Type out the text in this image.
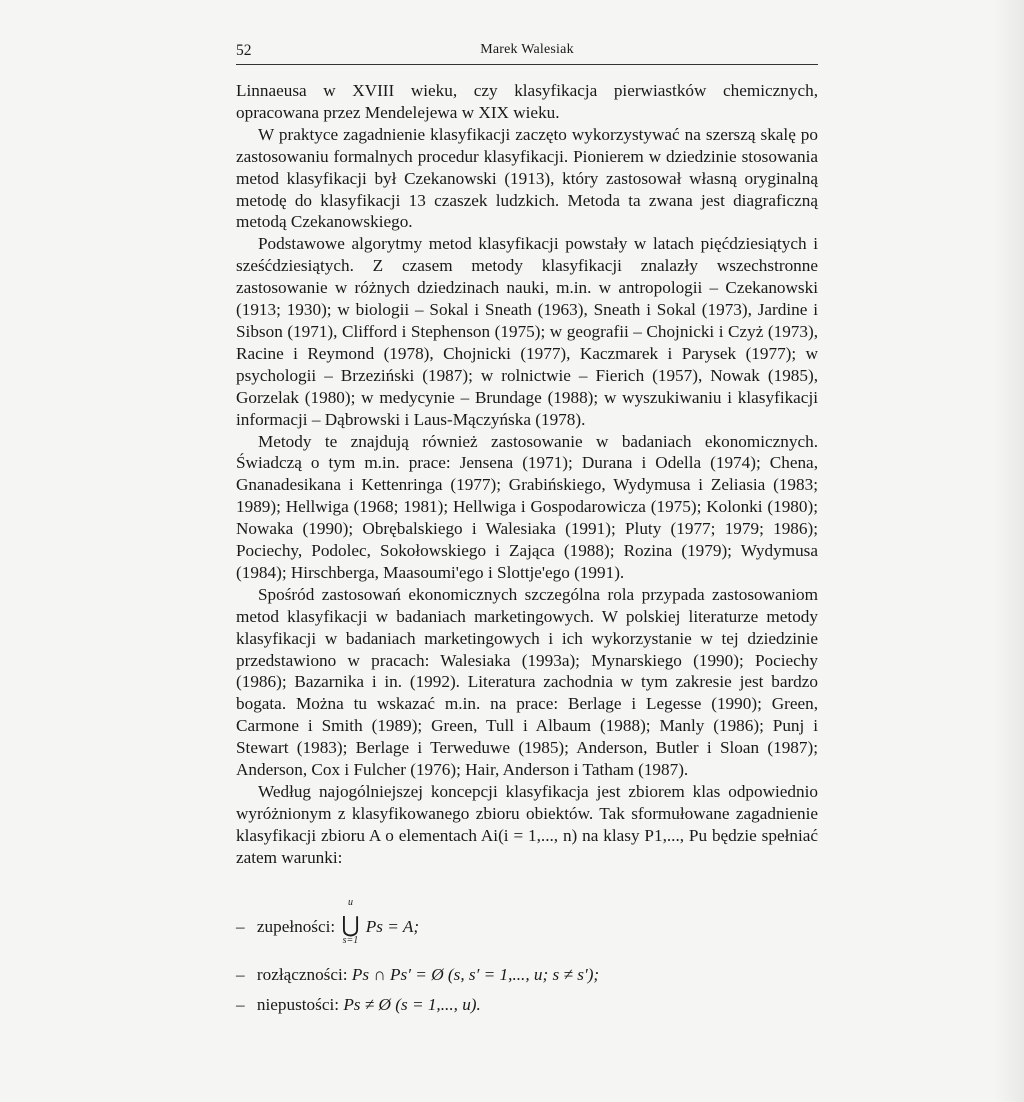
52	Marek Walesiak

Linnaeusa w XVIII wieku, czy klasyfikacja pierwiastków chemicznych, opracowana przez Mendelejewa w XIX wieku.

W praktyce zagadnienie klasyfikacji zaczęto wykorzystywać na szerszą skalę po zastosowaniu formalnych procedur klasyfikacji. Pionierem w dziedzinie stosowania metod klasyfikacji był Czekanowski (1913), który zastosował własną oryginalną metodę do klasyfikacji 13 czaszek ludzkich. Metoda ta zwana jest diagraficzną metodą Czekanowskiego.

Podstawowe algorytmy metod klasyfikacji powstały w latach pięćdziesiątych i sześćdziesiątych. Z czasem metody klasyfikacji znalazły wszechstronne zastosowanie w różnych dziedzinach nauki, m.in. w antropologii – Czekanowski (1913; 1930); w biologii – Sokal i Sneath (1963), Sneath i Sokal (1973), Jardine i Sibson (1971), Clifford i Stephenson (1975); w geografii – Chojnicki i Czyż (1973), Racine i Reymond (1978), Chojnicki (1977), Kaczmarek i Parysek (1977); w psychologii – Brzeziński (1987); w rolnictwie – Fierich (1957), Nowak (1985), Gorzelak (1980); w medycynie – Brundage (1988); w wyszukiwaniu i klasyfikacji informacji – Dąbrowski i Laus-Mączyńska (1978).

Metody te znajdują również zastosowanie w badaniach ekonomicznych. Świadczą o tym m.in. prace: Jensena (1971); Durana i Odella (1974); Chena, Gnanadesikana i Kettenringa (1977); Grabińskiego, Wydymusa i Zeliasia (1983; 1989); Hellwiga (1968; 1981); Hellwiga i Gospodarowicza (1975); Kolonki (1980); Nowaka (1990); Obrębalskiego i Walesiaka (1991); Pluty (1977; 1979; 1986); Pociechy, Podolec, Sokołowskiego i Zająca (1988); Rozina (1979); Wydymusa (1984); Hirschberga, Maasoumi'ego i Slottje'ego (1991).

Spośród zastosowań ekonomicznych szczególna rola przypada zastosowaniom metod klasyfikacji w badaniach marketingowych. W polskiej literaturze metody klasyfikacji w badaniach marketingowych i ich wykorzystanie w tej dziedzinie przedstawiono w pracach: Walesiaka (1993a); Mynarskiego (1990); Pociechy (1986); Bazarnika i in. (1992). Literatura zachodnia w tym zakresie jest bardzo bogata. Można tu wskazać m.in. na prace: Berlage i Legesse (1990); Green, Carmone i Smith (1989); Green, Tull i Albaum (1988); Manly (1986); Punj i Stewart (1983); Berlage i Terweduwe (1985); Anderson, Butler i Sloan (1987); Anderson, Cox i Fulcher (1976); Hair, Anderson i Tatham (1987).

Według najogólniejszej koncepcji klasyfikacja jest zbiorem klas odpowiednio wyróżnionym z klasyfikowanego zbioru obiektów. Tak sformułowane zagadnienie klasyfikacji zbioru A o elementach Ai(i = 1,..., n) na klasy P1,..., Pu będzie spełniać zatem warunki:

– zupełności:
u
⋃
s=1
Ps = A;
– rozłączności: Ps ∩ Ps′ = Ø (s, s′ = 1,..., u; s ≠ s′);
– niepustości: Ps ≠ Ø (s = 1,..., u).
